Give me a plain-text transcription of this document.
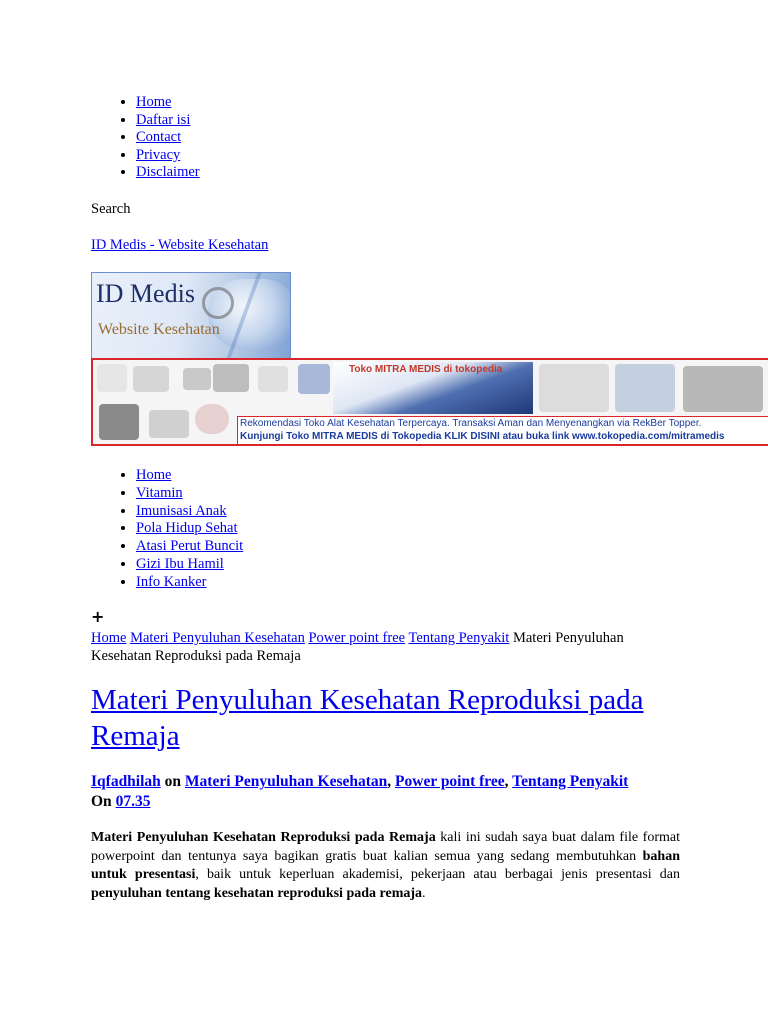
• Home
• Daftar isi
• Contact
• Privacy
• Disclaimer
Search
ID Medis - Website Kesehatan
ID Medis
Website Kesehatan
Toko MITRA MEDIS di tokopedia
Rekomendasi Toko Alat Kesehatan Terpercaya. Transaksi Aman dan Menyenangkan via RekBer Topper.
Kunjungi Toko MITRA MEDIS di Tokopedia KLIK DISINI atau buka link www.tokopedia.com/mitramedis
• Home
• Vitamin
• Imunisasi Anak
• Pola Hidup Sehat
• Atasi Perut Buncit
• Gizi Ibu Hamil
• Info Kanker
+
Home Materi Penyuluhan Kesehatan Power point free Tentang Penyakit Materi Penyuluhan Kesehatan Reproduksi pada Remaja
Materi Penyuluhan Kesehatan Reproduksi pada Remaja
Iqfadhilah on Materi Penyuluhan Kesehatan, Power point free, Tentang Penyakit On 07.35
Materi Penyuluhan Kesehatan Reproduksi pada Remaja kali ini sudah saya buat dalam file format powerpoint dan tentunya saya bagikan gratis buat kalian semua yang sedang membutuhkan bahan untuk presentasi, baik untuk keperluan akademisi, pekerjaan atau berbagai jenis presentasi dan penyuluhan tentang kesehatan reproduksi pada remaja.
